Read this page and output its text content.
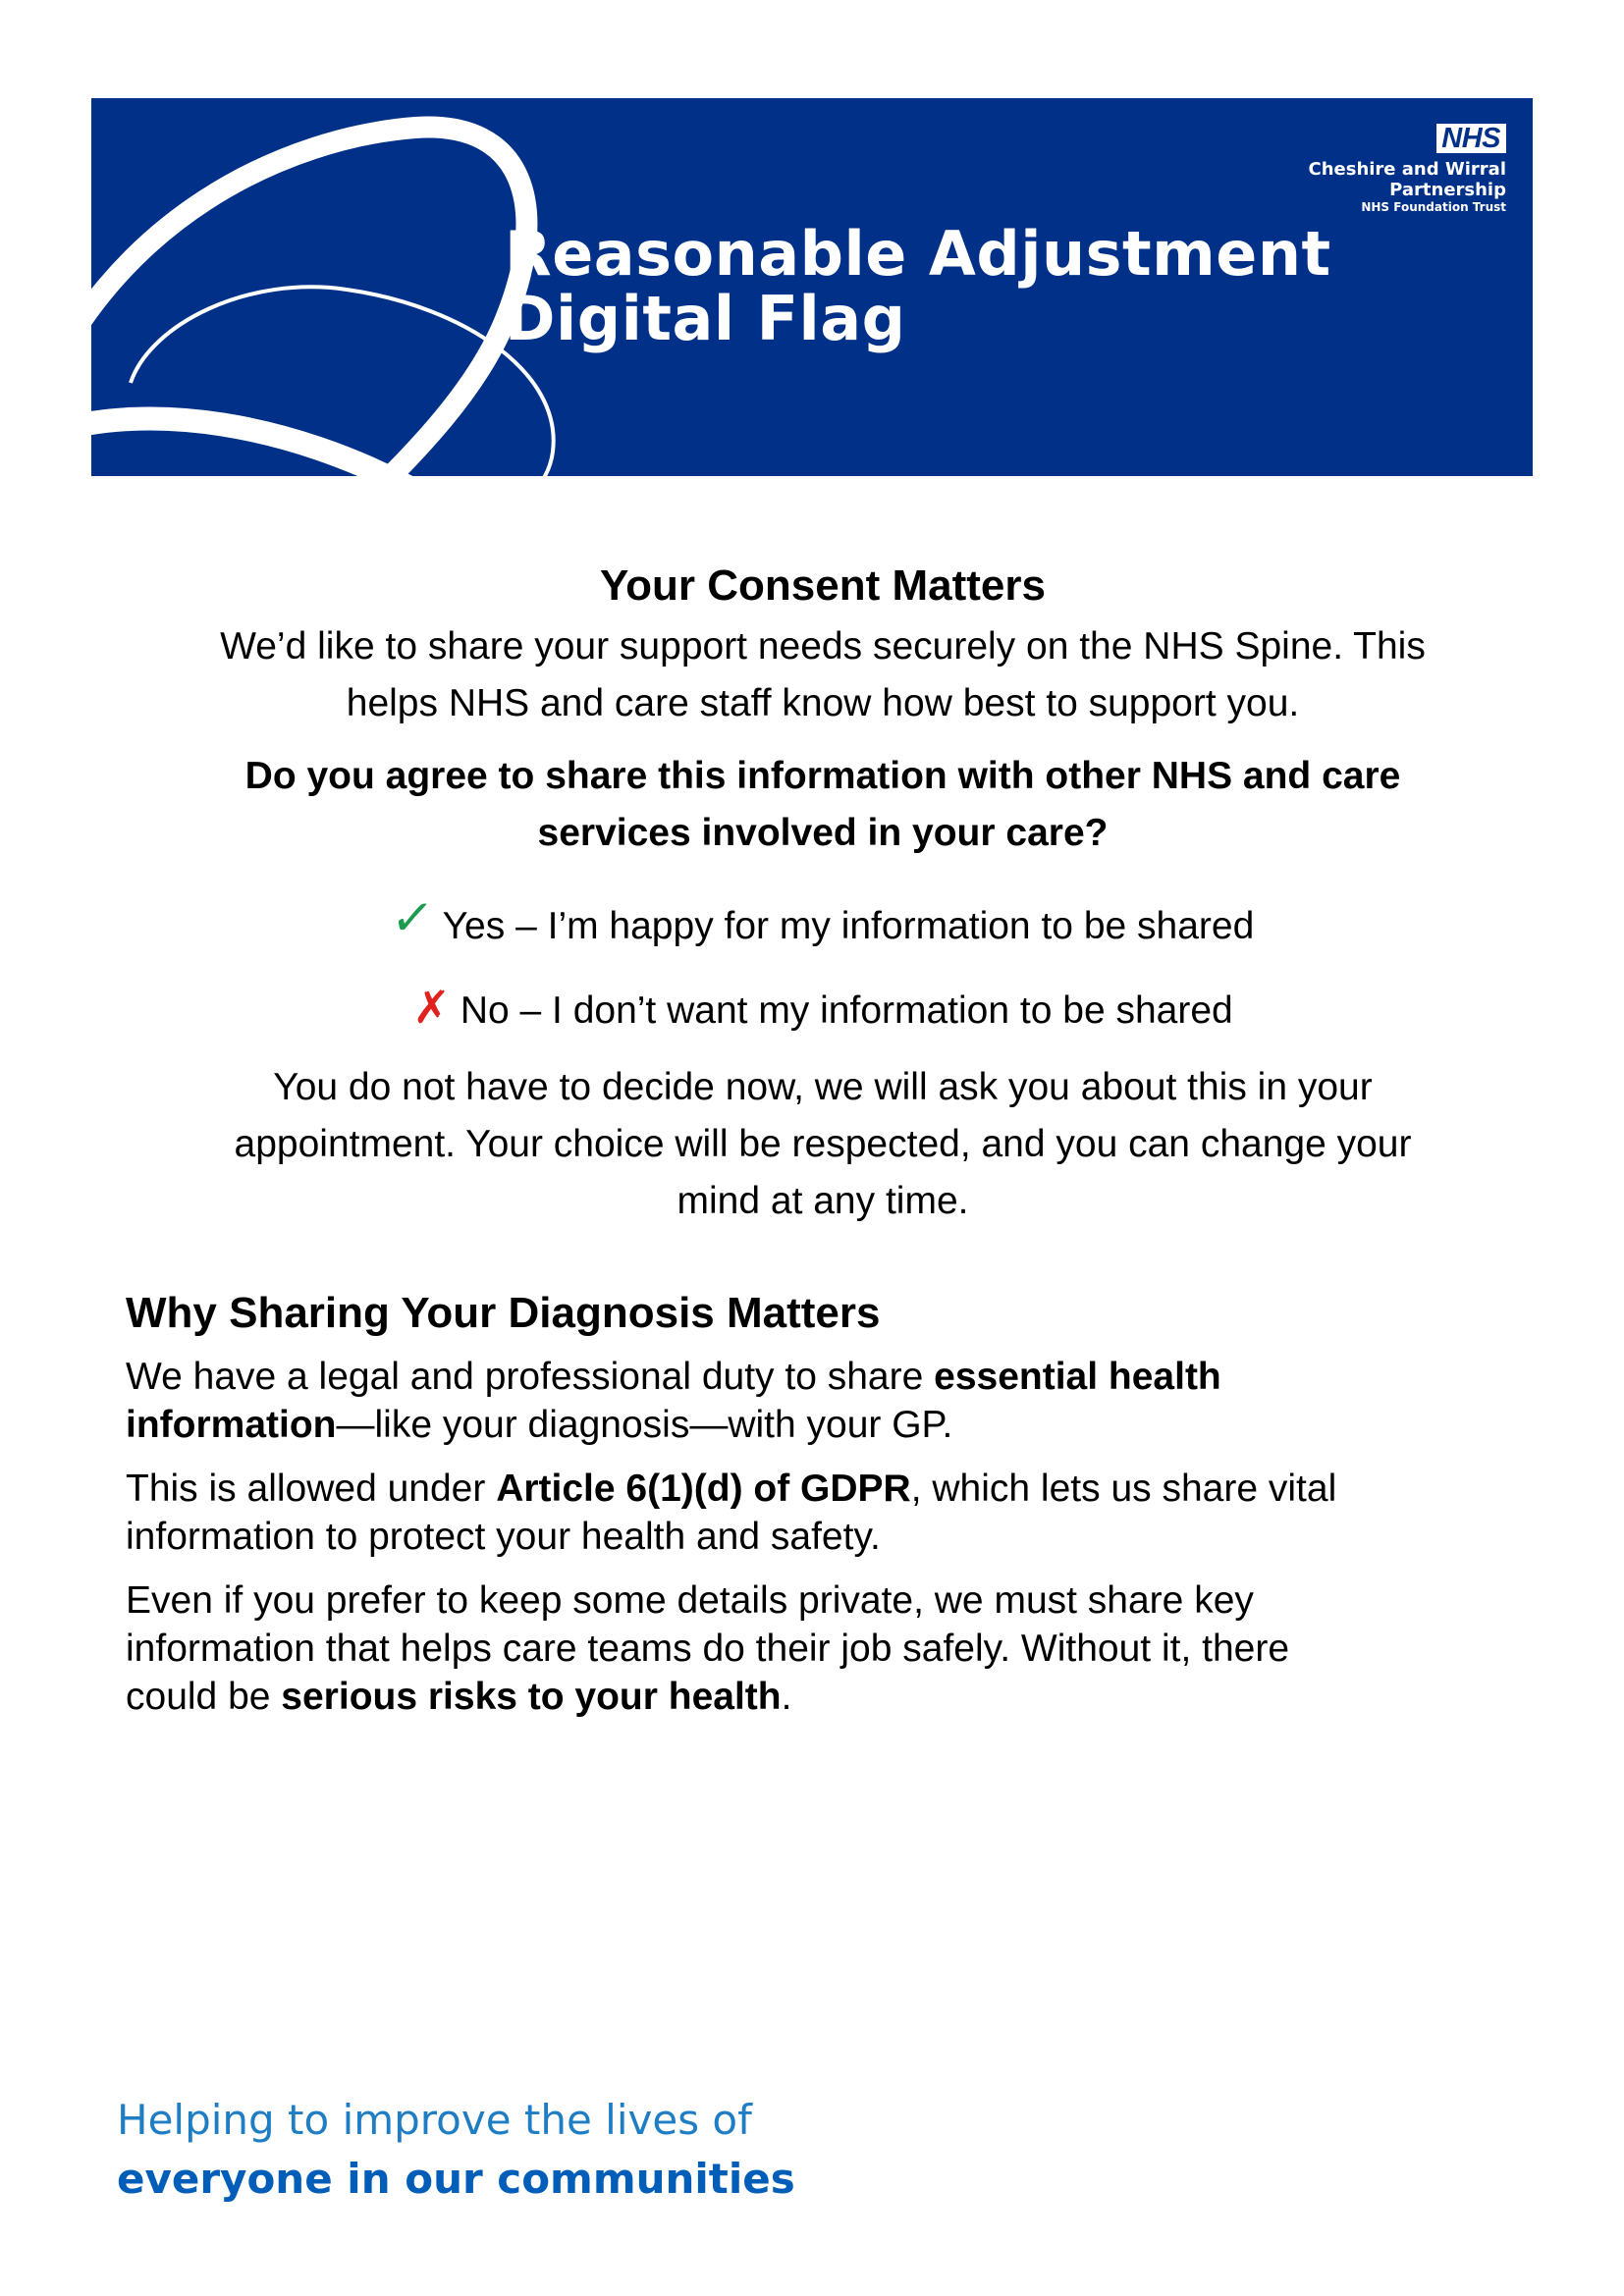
Reasonable Adjustment
Digital Flag
NHS
Cheshire and Wirral
Partnership
NHS Foundation Trust
Your Consent Matters
We’d like to share your support needs securely on the NHS Spine. This
helps NHS and care staff know how best to support you.
Do you agree to share this information with other NHS and care
services involved in your care?
✓ Yes – I’m happy for my information to be shared
✗ No – I don’t want my information to be shared
You do not have to decide now, we will ask you about this in your
appointment. Your choice will be respected, and you can change your
mind at any time.
Why Sharing Your Diagnosis Matters
We have a legal and professional duty to share essential health
information—like your diagnosis—with your GP.
This is allowed under Article 6(1)(d) of GDPR, which lets us share vital
information to protect your health and safety.
Even if you prefer to keep some details private, we must share key
information that helps care teams do their job safely. Without it, there
could be serious risks to your health.
Helping to improve the lives of
everyone in our communities
